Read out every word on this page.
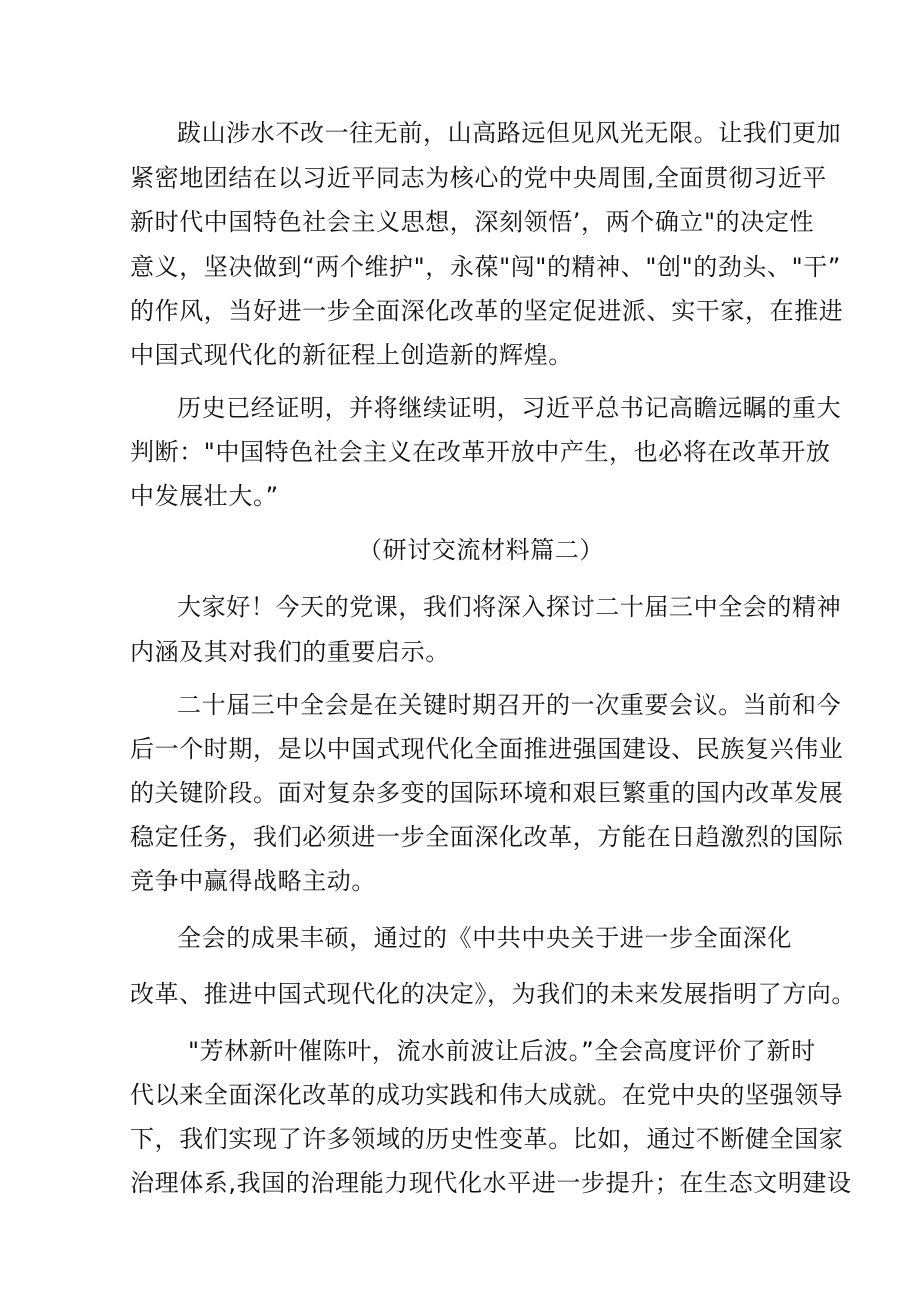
跋山涉水不改一往无前，山高路远但见风光无限。让我们更加
紧密地团结在以习近平同志为核心的党中央周围,全面贯彻习近平
新时代中国特色社会主义思想，深刻领悟’，两个确立"的决定性
意义，坚决做到“两个维护"，永葆"闯"的精神、"创"的劲头、"干”
的作风，当好进一步全面深化改革的坚定促进派、实干家，在推进
中国式现代化的新征程上创造新的辉煌。
历史已经证明，并将继续证明，习近平总书记高瞻远瞩的重大
判断："中国特色社会主义在改革开放中产生，也必将在改革开放
中发展壮大。”
（研讨交流材料篇二）
大家好！今天的党课，我们将深入探讨二十届三中全会的精神
内涵及其对我们的重要启示。
二十届三中全会是在关键时期召开的一次重要会议。当前和今
后一个时期，是以中国式现代化全面推进强国建设、民族复兴伟业
的关键阶段。面对复杂多变的国际环境和艰巨繁重的国内改革发展
稳定任务，我们必须进一步全面深化改革，方能在日趋激烈的国际
竞争中赢得战略主动。
全会的成果丰硕，通过的《中共中央关于进一步全面深化
改革、推进中国式现代化的决定》，为我们的未来发展指明了方向。
"芳林新叶催陈叶，流水前波让后波。”全会高度评价了新时
代以来全面深化改革的成功实践和伟大成就。在党中央的坚强领导
下，我们实现了许多领域的历史性变革。比如，通过不断健全国家
治理体系,我国的治理能力现代化水平进一步提升；在生态文明建设
